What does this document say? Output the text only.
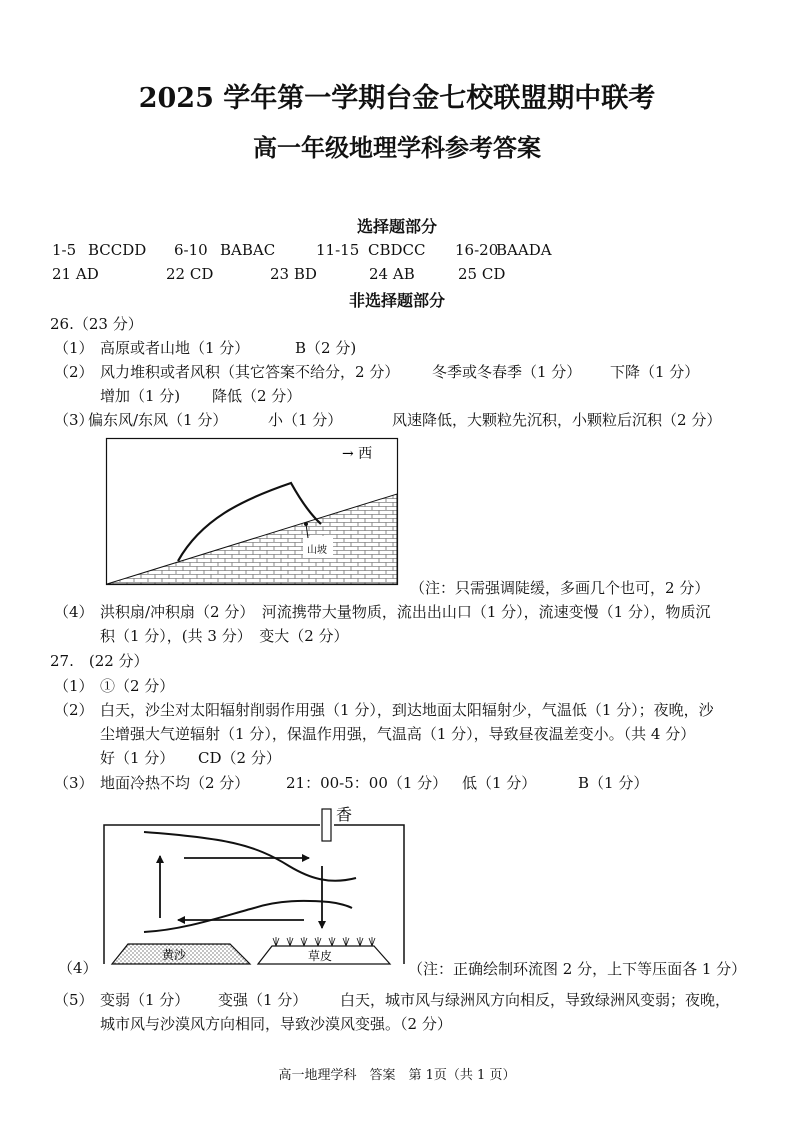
2025 学年第一学期台金七校联盟期中联考
高一年级地理学科参考答案
选择题部分
1-5 BCCDD 6-10 BABAC	11-15 CBDCC 16-20
BAADA
21 AD	22 CD	23 BD	24 AB	25 CD
非选择题部分
26.（23 分）
（1） 高原或者山地（1 分）	B（2 分)
（2） 风力堆积或者风积（其它答案不给分，2 分） 冬季或冬春季（1 分） 下降（1 分）
增加（1 分) 降低（2 分）
（3）
偏东风/东风（1 分）	小（1 分）	风速降低，大颗粒先沉积，小颗粒后沉积（2 分）
山坡
→ 西
（注：只需强调陡缓，多画几个也可，2 分）
（4） 洪积扇/冲积扇（2 分）　河流携带大量物质，流出出山口（1 分），流速变慢（1 分），物质沉
积（1 分），(共 3 分）　变大（2 分）
27.　(22 分）
（1） ①（2 分）
（2） 白天，沙尘对太阳辐射削弱作用强（1 分），到达地面太阳辐射少，气温低（1 分）；夜晚，沙
尘增强大气逆辐射（1 分），保温作用强，气温高（1 分），导致昼夜温差变小。（共 4 分）
好（1 分） CD（2 分）
（3） 地面冷热不均（2 分） 21：00-5：00（1 分） 低（1 分）	B（1 分）
香
黄沙	草皮
（4）	（注：正确绘制环流图 2 分，上下等压面各 1 分）
（5） 变弱（1 分） 变强（1 分） 白天，城市风与绿洲风方向相反，导致绿洲风变弱；夜晚，
城市风与沙漠风方向相同，导致沙漠风变强。（2 分）
高一地理学科　答案　第 1页（共 1 页）
